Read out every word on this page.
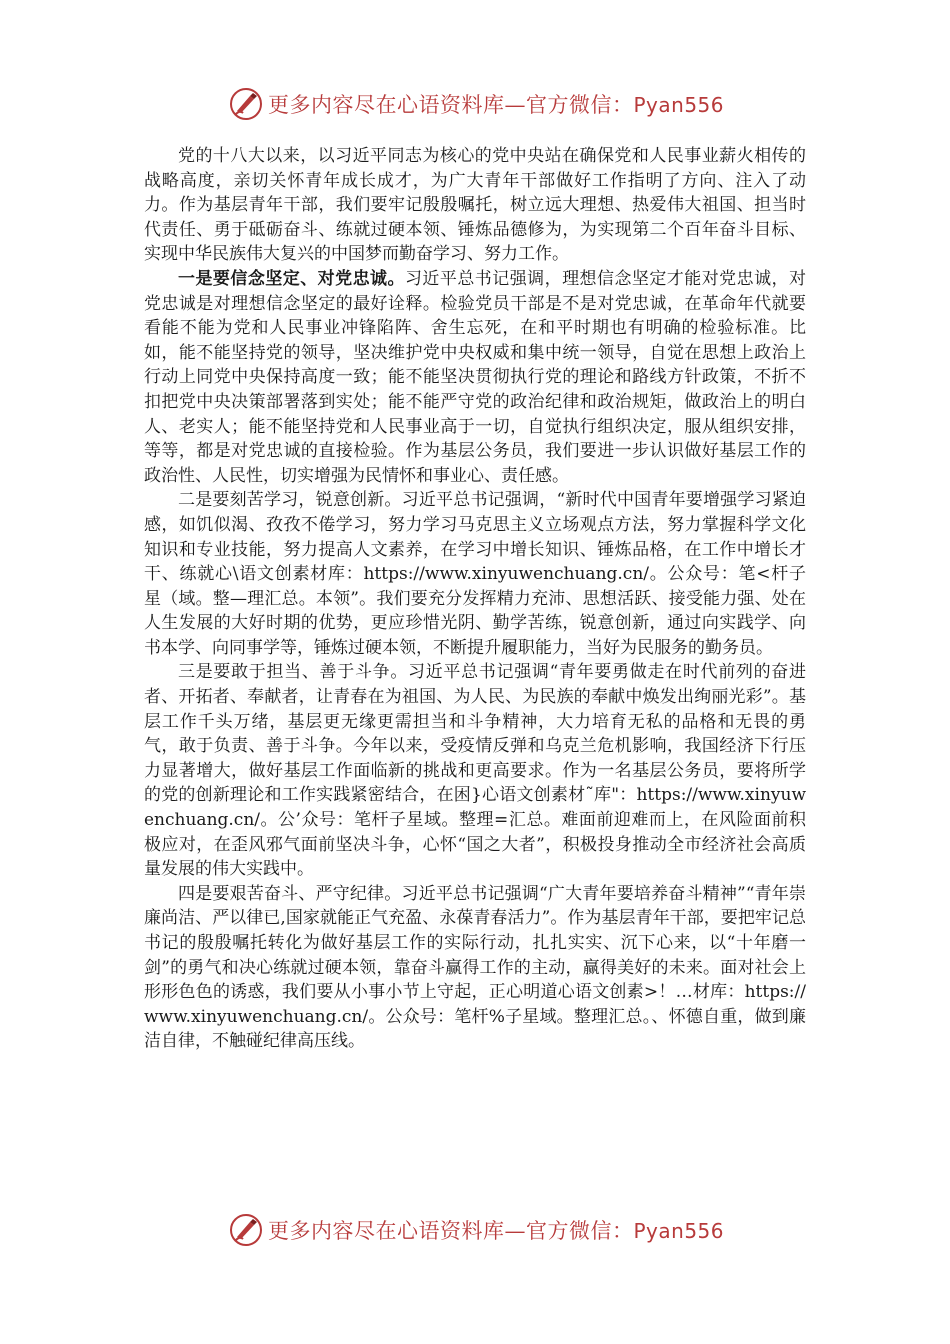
更多内容尽在心语资料库—官方微信：Pyan556

党的十八大以来，以习近平同志为核心的党中央站在确保党和人民事业薪火相传的战略高度，亲切关怀青年成长成才，为广大青年干部做好工作指明了方向、注入了动力。作为基层青年干部，我们要牢记殷殷嘱托，树立远大理想、热爱伟大祖国、担当时代责任、勇于砥砺奋斗、练就过硬本领、锤炼品德修为，为实现第二个百年奋斗目标、实现中华民族伟大复兴的中国梦而勤奋学习、努力工作。

一是要信念坚定、对党忠诚。习近平总书记强调，理想信念坚定才能对党忠诚，对党忠诚是对理想信念坚定的最好诠释。检验党员干部是不是对党忠诚，在革命年代就要看能不能为党和人民事业冲锋陷阵、舍生忘死，在和平时期也有明确的检验标准。比如，能不能坚持党的领导，坚决维护党中央权威和集中统一领导，自觉在思想上政治上行动上同党中央保持高度一致；能不能坚决贯彻执行党的理论和路线方针政策，不折不扣把党中央决策部署落到实处；能不能严守党的政治纪律和政治规矩，做政治上的明白人、老实人；能不能坚持党和人民事业高于一切，自觉执行组织决定，服从组织安排，等等，都是对党忠诚的直接检验。作为基层公务员，我们要进一步认识做好基层工作的政治性、人民性，切实增强为民情怀和事业心、责任感。

二是要刻苦学习，锐意创新。习近平总书记强调，“新时代中国青年要增强学习紧迫感，如饥似渴、孜孜不倦学习，努力学习马克思主义立场观点方法，努力掌握科学文化知识和专业技能，努力提高人文素养，在学习中增长知识、锤炼品格，在工作中增长才干、练就心\语文创素材库：https://www.xinyuwenchuang.cn/。公众号：笔<杆子星（域。整—理汇总。本领”。我们要充分发挥精力充沛、思想活跃、接受能力强、处在人生发展的大好时期的优势，更应珍惜光阴、勤学苦练，锐意创新，通过向实践学、向书本学、向同事学等，锤炼过硬本领，不断提升履职能力，当好为民服务的勤务员。

三是要敢于担当、善于斗争。习近平总书记强调“青年要勇做走在时代前列的奋进者、开拓者、奉献者，让青春在为祖国、为人民、为民族的奉献中焕发出绚丽光彩”。基层工作千头万绪，基层更无缘更需担当和斗争精神，大力培育无私的品格和无畏的勇气，敢于负责、善于斗争。今年以来，受疫情反弹和乌克兰危机影响，我国经济下行压力显著增大，做好基层工作面临新的挑战和更高要求。作为一名基层公务员，要将所学的党的创新理论和工作实践紧密结合，在困}心语文创素材˜库"：https://www.xinyuwenchuang.cn/。公’众号：笔杆子星域。整理=汇总。难面前迎难而上，在风险面前积极应对，在歪风邪气面前坚决斗争，心怀“国之大者”，积极投身推动全市经济社会高质量发展的伟大实践中。

四是要艰苦奋斗、严守纪律。习近平总书记强调“广大青年要培养奋斗精神”“青年崇廉尚洁、严以律已,国家就能正气充盈、永葆青春活力”。作为基层青年干部，要把牢记总书记的殷殷嘱托转化为做好基层工作的实际行动，扎扎实实、沉下心来，以“十年磨一剑”的勇气和决心练就过硬本领，靠奋斗赢得工作的主动，赢得美好的未来。面对社会上形形色色的诱惑，我们要从小事小节上守起，正心明道心语文创素>！…材库：https://www.xinyuwenchuang.cn/。公众号：笔杆%子星域。整理汇总。、怀德自重，做到廉洁自律，不触碰纪律高压线。

更多内容尽在心语资料库—官方微信：Pyan556
